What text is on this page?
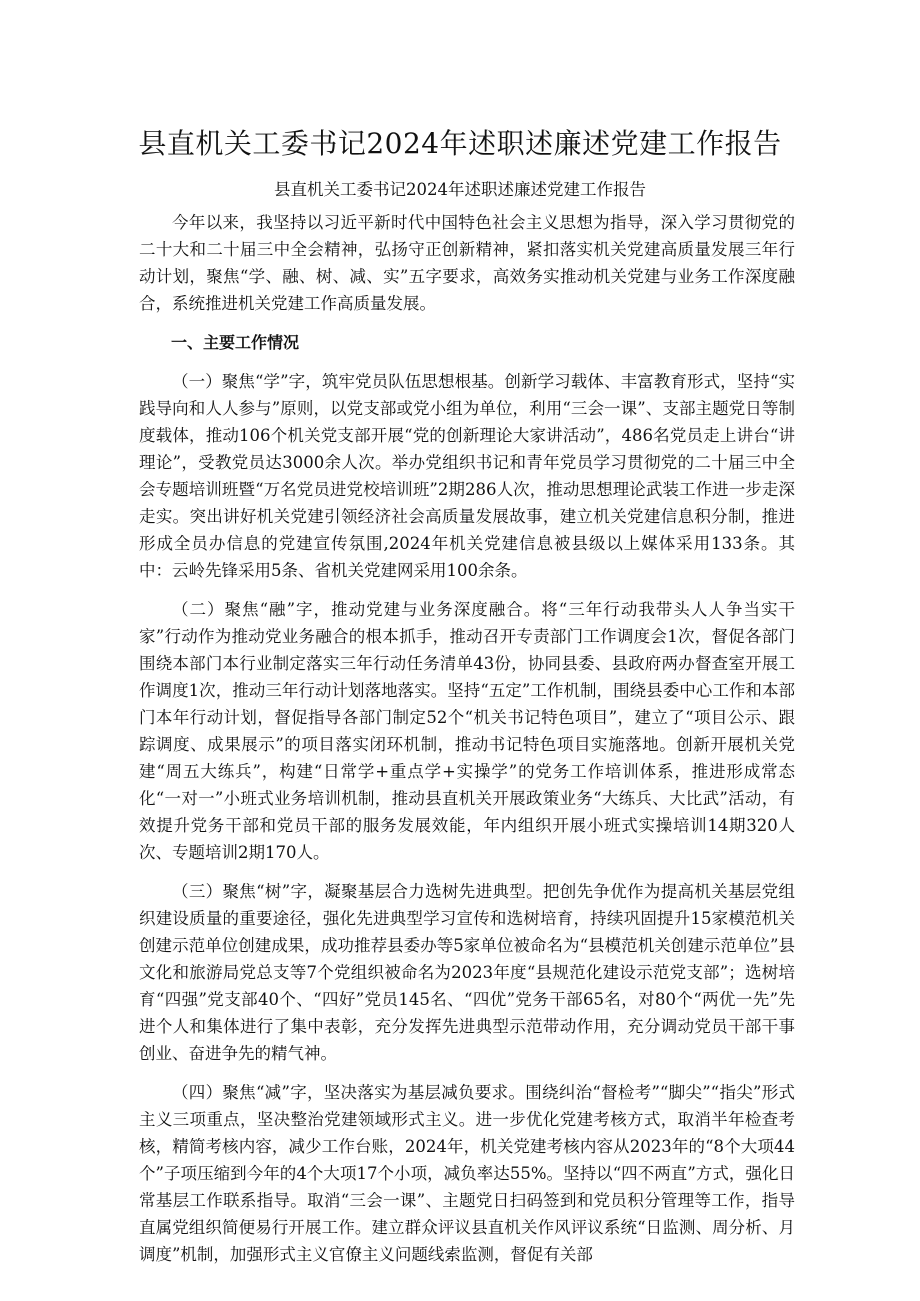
县直机关工委书记2024年述职述廉述党建工作报告
县直机关工委书记2024年述职述廉述党建工作报告

今年以来，我坚持以习近平新时代中国特色社会主义思想为指导，深入学习贯彻党的二十大和二十届三中全会精神，弘扬守正创新精神，紧扣落实机关党建高质量发展三年行动计划，聚焦“学、融、树、减、实”五字要求，高效务实推动机关党建与业务工作深度融合，系统推进机关党建工作高质量发展。

一、主要工作情况

（一）聚焦“学”字，筑牢党员队伍思想根基。创新学习载体、丰富教育形式，坚持“实践导向和人人参与”原则，以党支部或党小组为单位，利用“三会一课”、支部主题党日等制度载体，推动106个机关党支部开展“党的创新理论大家讲活动”，486名党员走上讲台“讲理论”，受教党员达3000余人次。举办党组织书记和青年党员学习贯彻党的二十届三中全会专题培训班暨“万名党员进党校培训班”2期286人次，推动思想理论武装工作进一步走深走实。突出讲好机关党建引领经济社会高质量发展故事，建立机关党建信息积分制，推进形成全员办信息的党建宣传氛围,2024年机关党建信息被县级以上媒体采用133条。其中：云岭先锋采用5条、省机关党建网采用100余条。

（二）聚焦“融”字，推动党建与业务深度融合。将“三年行动我带头人人争当实干家”行动作为推动党业务融合的根本抓手，推动召开专责部门工作调度会1次，督促各部门围绕本部门本行业制定落实三年行动任务清单43份，协同县委、县政府两办督查室开展工作调度1次，推动三年行动计划落地落实。坚持“五定”工作机制，围绕县委中心工作和本部门本年行动计划，督促指导各部门制定52个“机关书记特色项目”，建立了“项目公示、跟踪调度、成果展示”的项目落实闭环机制，推动书记特色项目实施落地。创新开展机关党建“周五大练兵”，构建“日常学+重点学+实操学”的党务工作培训体系，推进形成常态化“一对一”小班式业务培训机制，推动县直机关开展政策业务“大练兵、大比武”活动，有效提升党务干部和党员干部的服务发展效能，年内组织开展小班式实操培训14期320人次、专题培训2期170人。

（三）聚焦“树”字，凝聚基层合力选树先进典型。把创先争优作为提高机关基层党组织建设质量的重要途径，强化先进典型学习宣传和选树培育，持续巩固提升15家模范机关创建示范单位创建成果，成功推荐县委办等5家单位被命名为“县模范机关创建示范单位”县文化和旅游局党总支等7个党组织被命名为2023年度“县规范化建设示范党支部”；选树培育“四强”党支部40个、“四好”党员145名、“四优”党务干部65名，对80个“两优一先”先进个人和集体进行了集中表彰，充分发挥先进典型示范带动作用，充分调动党员干部干事创业、奋进争先的精气神。

（四）聚焦“减”字，坚决落实为基层减负要求。围绕纠治“督检考”“脚尖”“指尖”形式主义三项重点，坚决整治党建领域形式主义。进一步优化党建考核方式，取消半年检查考核，精简考核内容，减少工作台账，2024年，机关党建考核内容从2023年的“8个大项44个”子项压缩到今年的4个大项17个小项，减负率达55%。坚持以“四不两直”方式，强化日常基层工作联系指导。取消“三会一课”、主题党日扫码签到和党员积分管理等工作，指导直属党组织简便易行开展工作。建立群众评议县直机关作风评议系统“日监测、周分析、月调度”机制，加强形式主义官僚主义问题线索监测，督促有关部
